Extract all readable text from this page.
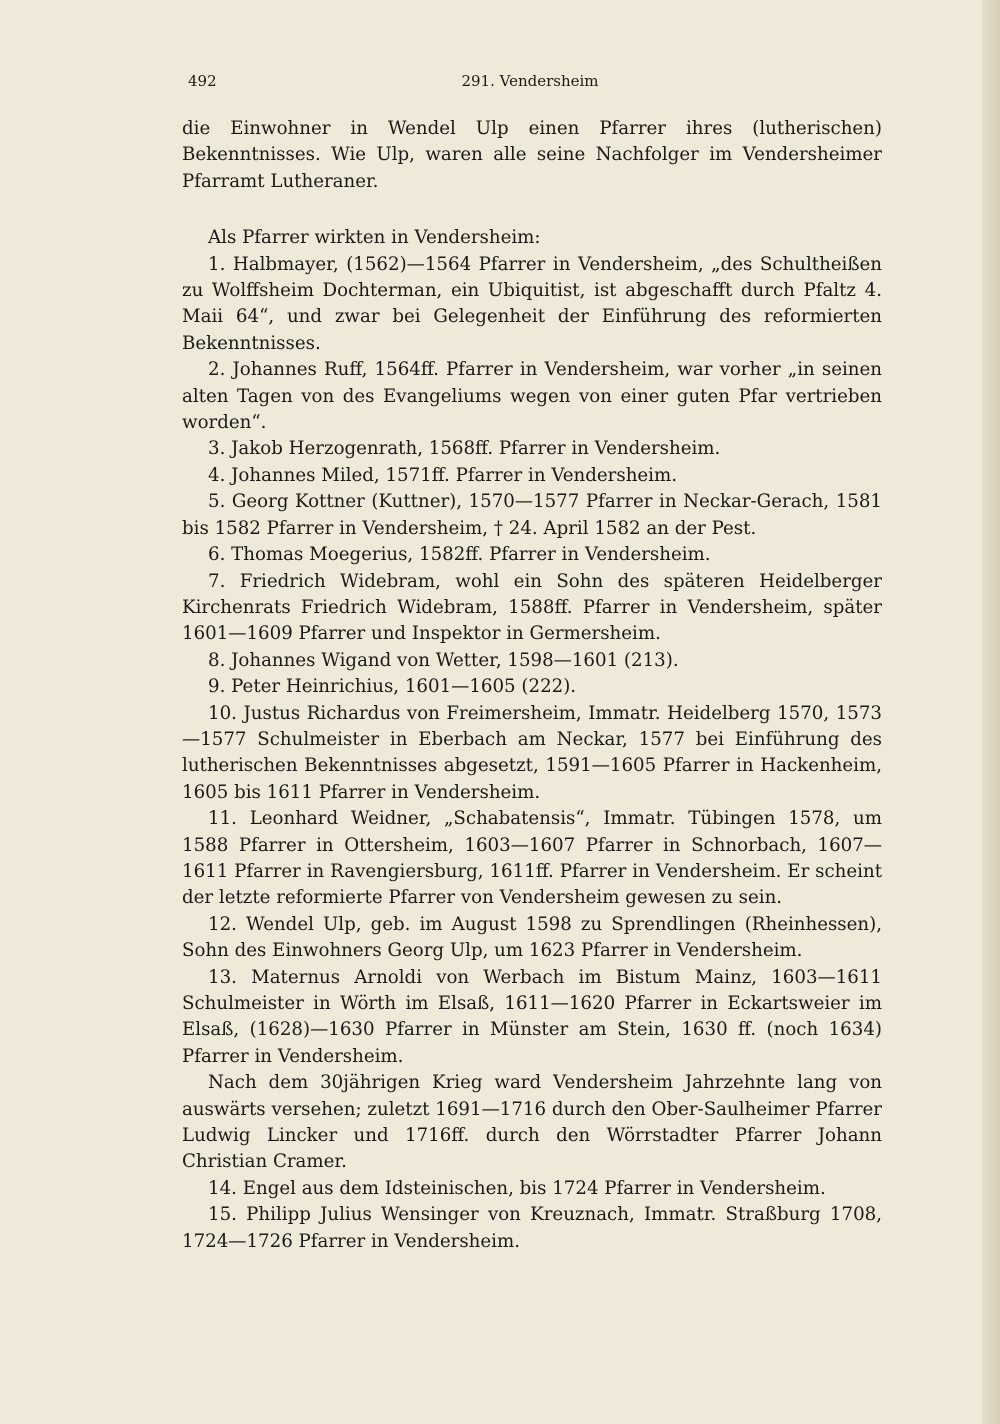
492	291. Vendersheim

die Einwohner in Wendel Ulp einen Pfarrer ihres (lutherischen) Bekenntnisses. Wie Ulp, waren alle seine Nachfolger im Vendersheimer Pfarramt Lutheraner.

Als Pfarrer wirkten in Vendersheim:

1. Halbmayer, (1562)—1564 Pfarrer in Vendersheim, „des Schultheißen zu Wolffsheim Dochterman, ein Ubiquitist, ist abgeschafft durch Pfaltz 4. Maii 64“, und zwar bei Gelegenheit der Einführung des reformierten Bekenntnisses.

2. Johannes Ruff, 1564ff. Pfarrer in Vendersheim, war vorher „in seinen alten Tagen von des Evangeliums wegen von einer guten Pfar vertrieben worden“.

3. Jakob Herzogenrath, 1568ff. Pfarrer in Vendersheim.

4. Johannes Miled, 1571ff. Pfarrer in Vendersheim.

5. Georg Kottner (Kuttner), 1570—1577 Pfarrer in Neckar-Gerach, 1581 bis 1582 Pfarrer in Vendersheim, † 24. April 1582 an der Pest.

6. Thomas Moegerius, 1582ff. Pfarrer in Vendersheim.

7. Friedrich Widebram, wohl ein Sohn des späteren Heidelberger Kirchenrats Friedrich Widebram, 1588ff. Pfarrer in Vendersheim, später 1601—1609 Pfarrer und Inspektor in Germersheim.

8. Johannes Wigand von Wetter, 1598—1601 (213).

9. Peter Heinrichius, 1601—1605 (222).

10. Justus Richardus von Freimersheim, Immatr. Heidelberg 1570, 1573—1577 Schulmeister in Eberbach am Neckar, 1577 bei Einführung des lutherischen Bekenntnisses abgesetzt, 1591—1605 Pfarrer in Hackenheim, 1605 bis 1611 Pfarrer in Vendersheim.

11. Leonhard Weidner, „Schabatensis“, Immatr. Tübingen 1578, um 1588 Pfarrer in Ottersheim, 1603—1607 Pfarrer in Schnorbach, 1607—1611 Pfarrer in Ravengiersburg, 1611ff. Pfarrer in Vendersheim. Er scheint der letzte reformierte Pfarrer von Vendersheim gewesen zu sein.

12. Wendel Ulp, geb. im August 1598 zu Sprendlingen (Rheinhessen), Sohn des Einwohners Georg Ulp, um 1623 Pfarrer in Vendersheim.

13. Maternus Arnoldi von Werbach im Bistum Mainz, 1603—1611 Schulmeister in Wörth im Elsaß, 1611—1620 Pfarrer in Eckartsweier im Elsaß, (1628)—1630 Pfarrer in Münster am Stein, 1630 ff. (noch 1634) Pfarrer in Vendersheim.

Nach dem 30jährigen Krieg ward Vendersheim Jahrzehnte lang von auswärts versehen; zuletzt 1691—1716 durch den Ober-Saulheimer Pfarrer Ludwig Lincker und 1716ff. durch den Wörrstadter Pfarrer Johann Christian Cramer.

14. Engel aus dem Idsteinischen, bis 1724 Pfarrer in Vendersheim.

15. Philipp Julius Wensinger von Kreuznach, Immatr. Straßburg 1708, 1724—1726 Pfarrer in Vendersheim.
